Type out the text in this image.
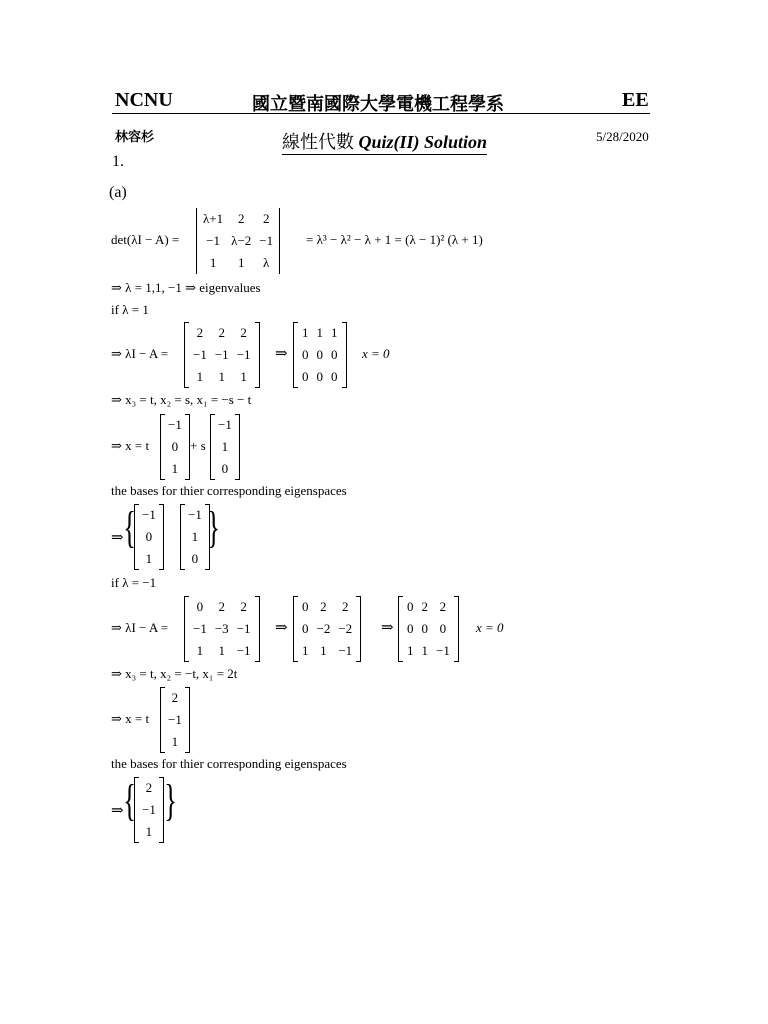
NCNU	國立暨南國際大學電機工程學系	EE
林容杉	線性代數 Quiz(II) Solution	5/28/2020
1.
(a)
det(λI − A) =
λ+1	2	2
−1	λ−2	−1
1	1	λ
= λ³ − λ² − λ + 1 = (λ − 1)² (λ + 1)
⇒ λ = 1,1, −1 ⇒ eigenvalues
if λ = 1
⇒ λI − A =
2	2	2
−1	−1	−1
1	1	1
⇒
1	1	1
0	0	0
0	0	0
x = 0
⇒ x₃ = t, x₂ = s, x₁ = −s − t
⇒ x = t
−1
0
1
+ s
−1
1
0
the bases for thier corresponding eigenspaces
⇒ { −1
0
1
−1
1
0
}
if λ = −1
⇒ λI − A =
0	2	2
−1	−3	−1
1	1	−1
⇒
0	2	2
0	−2	−2
1	1	−1
⇒
0	2	2
0	0	0
1	1	−1
x = 0
⇒ x₃ = t, x₂ = −t, x₁ = 2t
⇒ x = t
2
−1
1
the bases for thier corresponding eigenspaces
⇒ { 2
−1
1
}
